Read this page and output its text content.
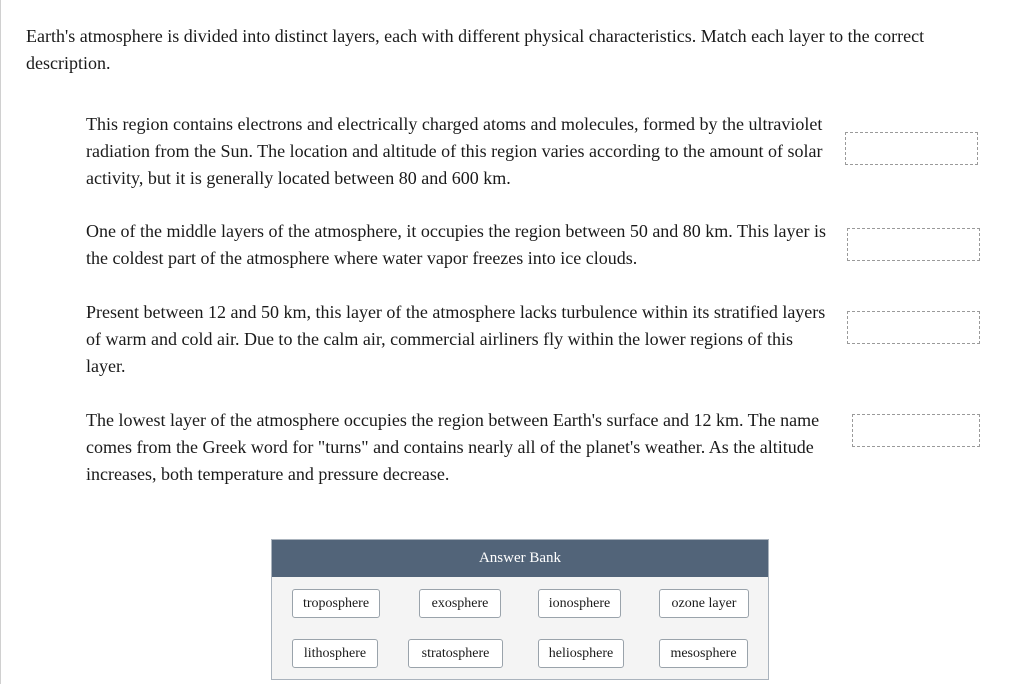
Earth's atmosphere is divided into distinct layers, each with different physical characteristics. Match each layer to the correct description.
This region contains electrons and electrically charged atoms and molecules, formed by the ultraviolet radiation from the Sun. The location and altitude of this region varies according to the amount of solar activity, but it is generally located between 80 and 600 km.
One of the middle layers of the atmosphere, it occupies the region between 50 and 80 km. This layer is the coldest part of the atmosphere where water vapor freezes into ice clouds.
Present between 12 and 50 km, this layer of the atmosphere lacks turbulence within its stratified layers of warm and cold air. Due to the calm air, commercial airliners fly within the lower regions of this layer.
The lowest layer of the atmosphere occupies the region between Earth's surface and 12 km. The name comes from the Greek word for "turns" and contains nearly all of the planet's weather. As the altitude increases, both temperature and pressure decrease.
Answer Bank
troposphere	exosphere	ionosphere	ozone layer
lithosphere	stratosphere	heliosphere	mesosphere
